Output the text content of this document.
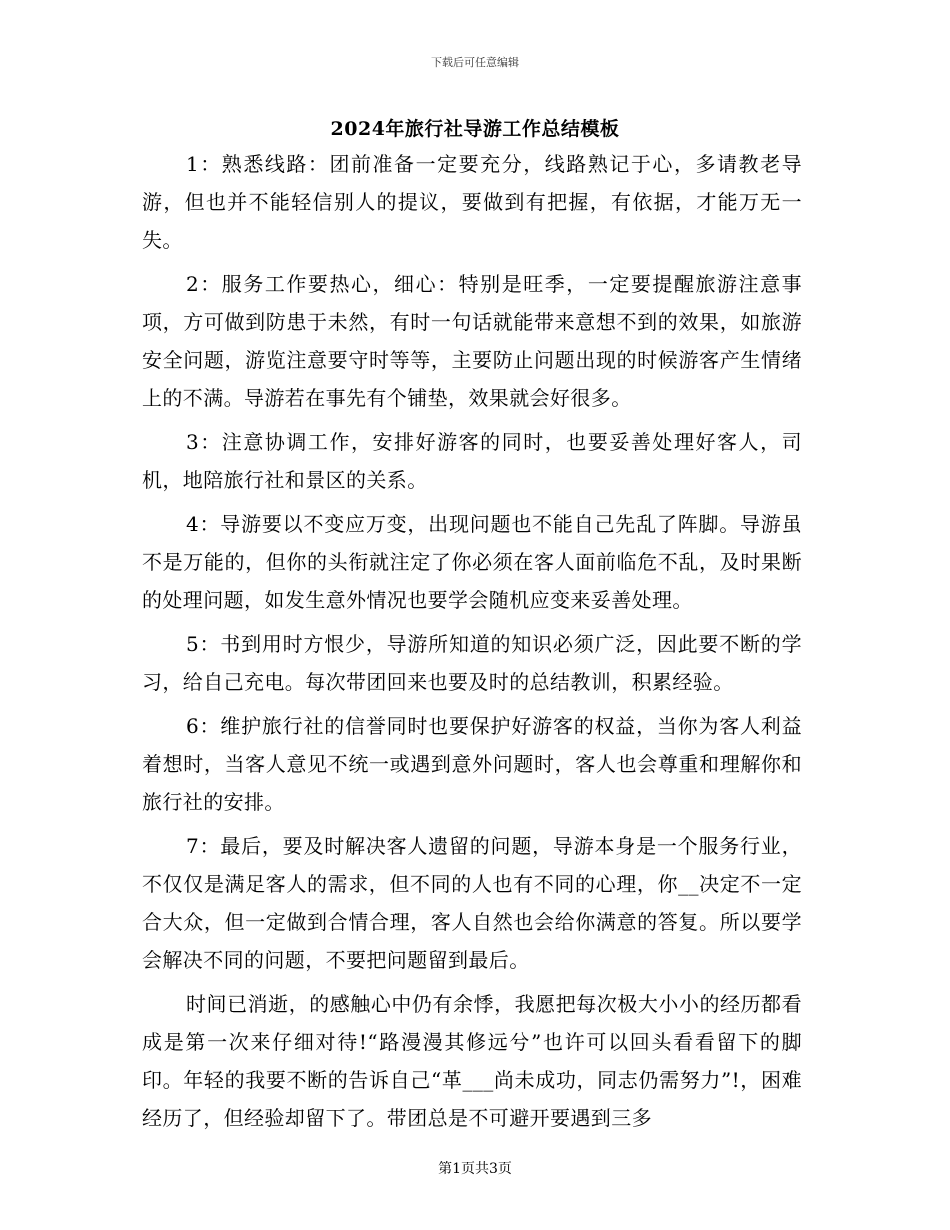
下载后可任意编辑
2024年旅行社导游工作总结模板

1：熟悉线路：团前准备一定要充分，线路熟记于心，多请教老导游，但也并不能轻信别人的提议，要做到有把握，有依据，才能万无一失。

2：服务工作要热心，细心：特别是旺季，一定要提醒旅游注意事项，方可做到防患于未然，有时一句话就能带来意想不到的效果，如旅游安全问题，游览注意要守时等等，主要防止问题出现的时候游客产生情绪上的不满。导游若在事先有个铺垫，效果就会好很多。

3：注意协调工作，安排好游客的同时，也要妥善处理好客人，司机，地陪旅行社和景区的关系。

4：导游要以不变应万变，出现问题也不能自己先乱了阵脚。导游虽不是万能的，但你的头衔就注定了你必须在客人面前临危不乱，及时果断的处理问题，如发生意外情况也要学会随机应变来妥善处理。

5：书到用时方恨少，导游所知道的知识必须广泛，因此要不断的学习，给自己充电。每次带团回来也要及时的总结教训，积累经验。

6：维护旅行社的信誉同时也要保护好游客的权益，当你为客人利益着想时，当客人意见不统一或遇到意外问题时，客人也会尊重和理解你和旅行社的安排。

7：最后，要及时解决客人遗留的问题，导游本身是一个服务行业，不仅仅是满足客人的需求，但不同的人也有不同的心理，你__决定不一定合大众，但一定做到合情合理，客人自然也会给你满意的答复。所以要学会解决不同的问题，不要把问题留到最后。

时间已消逝，的感触心中仍有余悸，我愿把每次极大小小的经历都看成是第一次来仔细对待!“路漫漫其修远兮”也许可以回头看看留下的脚印。年轻的我要不断的告诉自己“革___尚未成功，同志仍需努力”!，困难经历了，但经验却留下了。带团总是不可避开要遇到三多

第1页共3页
